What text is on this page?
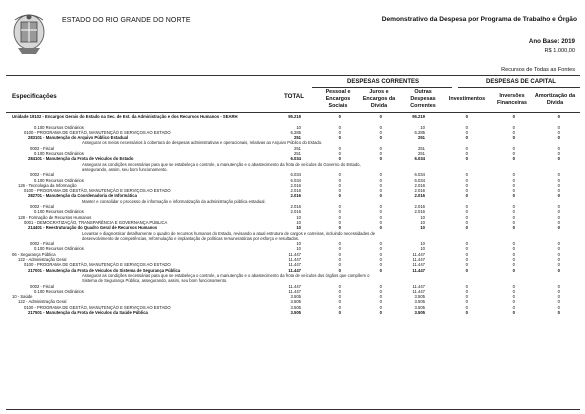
ESTADO DO RIO GRANDE DO NORTE	Demonstrativo da Despesa por Programa de Trabalho e Órgão
Ano Base: 2019
R$ 1.000,00
Recursos de Todas as Fontes
DESPESAS CORRENTES	DESPESAS DE CAPITAL
Especificações	TOTAL
Pessoal e Encargos Sociais
Juros e Encargos da Dívida
Outras Despesas Correntes
Investimentos	Inversões Financeiras
Amortização da Dívida
Unidade 19102 - Encargos Gerais do Estado na Sec. de Est. da Administração e dos Recursos Humanos - SEARH	95.219	0	0	95.219	0	0	0
0.100 Recursos Ordinários	10	0	0	10	0	0	0
0100 - PROGRAMA DE GESTÃO, MANUTENÇÃO E SERVIÇOS AO ESTADO	6.285	0	0	6.285	0	0	0
283101 - Manutenção do Arquivo Público Estadual	251	0	0	251	0	0	0
Assegurar os meios necessários à cobertura de despesas administrativas e operacionais, relativas ao Arquivo Público do Estado.
0002 - Fiscal	251	0	0	251	0	0	0
0.100 Recursos Ordinários	251	0	0	251	0	0	0
284101 - Manutenção da Frota de Veículos do Estado	6.034	0	0	6.034	0	0	0
Assegurar as condições necessárias para que se estabeleça o controle, a manutenção e o abastecimento da frota de veículos do Governo do Estado, assegurando, assim, seu bom funcionamento.
0002 - Fiscal	6.034	0	0	6.034	0	0	0
0.100 Recursos Ordinários	6.034	0	0	6.034	0	0	0
126 - Tecnologia da Informação	2.016	0	0	2.016	0	0	0
0100 - PROGRAMA DE GESTÃO, MANUTENÇÃO E SERVIÇOS AO ESTADO	2.016	0	0	2.016	0	0	0
282701 - Manutenção da Coordenadoria de Informática	2.016	0	0	2.016	0	0	0
Manter e consolidar o processo de informação e informatização da administração pública estadual.
0002 - Fiscal	2.016	0	0	2.016	0	0	0
0.100 Recursos Ordinários	2.016	0	0	2.016	0	0	0
128 - Formação de Recursos Humanos	10	0	0	10	0	0	0
0001 - DEMOCRATIZAÇÃO, TRANSPARÊNCIA E GOVERNANÇA PÚBLICA	10	0	0	10	0	0	0
214401 - Reestruturação do Quadro Geral de Recursos Humanos	10	0	0	10	0	0	0
Levantar e diagnosticar detalhamente o quadro de recursos humanos do Estado, revisando a atual estrutura de cargos e carreiras, incluindo necessidades de desenvolvimento de competências, reformulação e implantação de políticas remuneratórias por esforço e resultados.
0002 - Fiscal	10	0	0	10	0	0	0
0.100 Recursos Ordinários	10	0	0	10	0	0	0
06 - Segurança Pública	11.447	0	0	11.447	0	0	0
122 - Administração Geral	11.447	0	0	11.447	0	0	0
0100 - PROGRAMA DE GESTÃO, MANUTENÇÃO E SERVIÇOS AO ESTADO	11.447	0	0	11.447	0	0	0
217001 - Manutenção da Frota de Veículos do Sistema de Segurança Pública	11.447	0	0	11.447	0	0	0
Assegurar as condições necessárias para que se estabeleça o controle, a manutenção e o abastecimento da frota de veículos dos órgãos que compõem o Sistema de Segurança Pública, assegurando, assim, seu bom funcionamento.
0002 - Fiscal	11.447	0	0	11.447	0	0	0
0.100 Recursos Ordinários	11.447	0	0	11.447	0	0	0
10 - Saúde	3.505	0	0	3.505	0	0	0
122 - Administração Geral	3.505	0	0	3.505	0	0	0
0100 - PROGRAMA DE GESTÃO, MANUTENÇÃO E SERVIÇOS AO ESTADO	3.505	0	0	3.505	0	0	0
217501 - Manutenção da Frota de Veículos da Saúde Pública	3.505	0	0	3.505	0	0	0
